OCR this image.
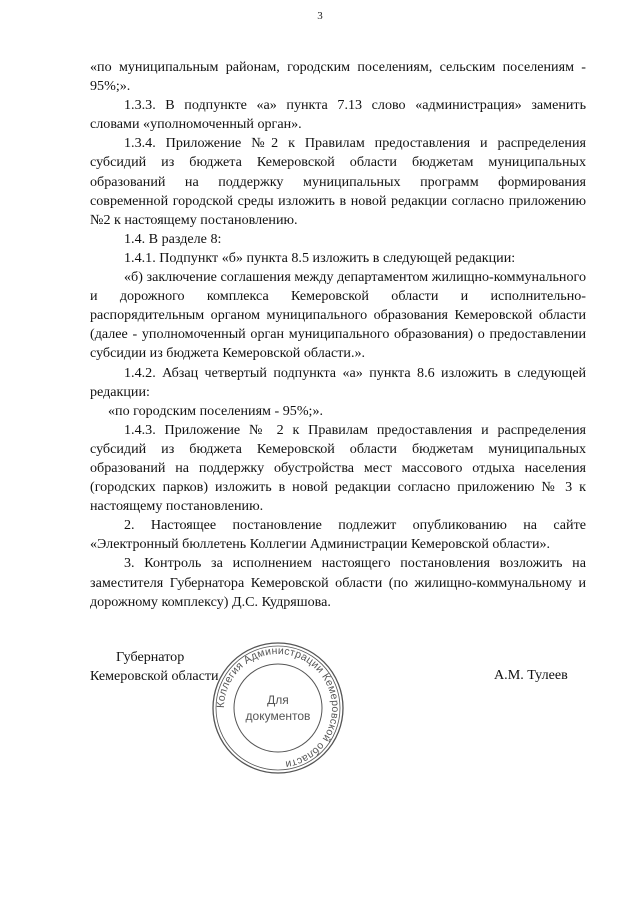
3

«по муниципальным районам, городским поселениям, сельским поселениям - 95%;».

1.3.3. В подпункте «а» пункта 7.13 слово «администрация» заменить словами «уполномоченный орган».

1.3.4. Приложение №2 к Правилам предоставления и распределения субсидий из бюджета Кемеровской области бюджетам муниципальных образований на поддержку муниципальных программ формирования современной городской среды изложить в новой редакции согласно приложению №2 к настоящему постановлению.

1.4. В разделе 8:

1.4.1. Подпункт «б» пункта 8.5 изложить в следующей редакции:

«б) заключение соглашения между департаментом жилищно-коммунального и дорожного комплекса Кемеровской области и исполнительно-распорядительным органом муниципального образования Кемеровской области (далее - уполномоченный орган муниципального образования) о предоставлении субсидии из бюджета Кемеровской области.».

1.4.2. Абзац четвертый подпункта «а» пункта 8.6 изложить в следующей редакции:

«по городским поселениям - 95%;».

1.4.3. Приложение № 2 к Правилам предоставления и распределения субсидий из бюджета Кемеровской области бюджетам муниципальных образований на поддержку обустройства мест массового отдыха населения (городских парков) изложить в новой редакции согласно приложению № 3 к настоящему постановлению.

2. Настоящее постановление подлежит опубликованию на сайте «Электронный бюллетень Коллегии Администрации Кемеровской области».

3. Контроль за исполнением настоящего постановления возложить на заместителя Губернатора Кемеровской области (по жилищно-коммунальному и дорожному комплексу) Д.С. Кудряшова.

Губернатор
Кемеровской области	А.М. Тулеев
Коллегия Администрации Кемеровской области
Для
документов
